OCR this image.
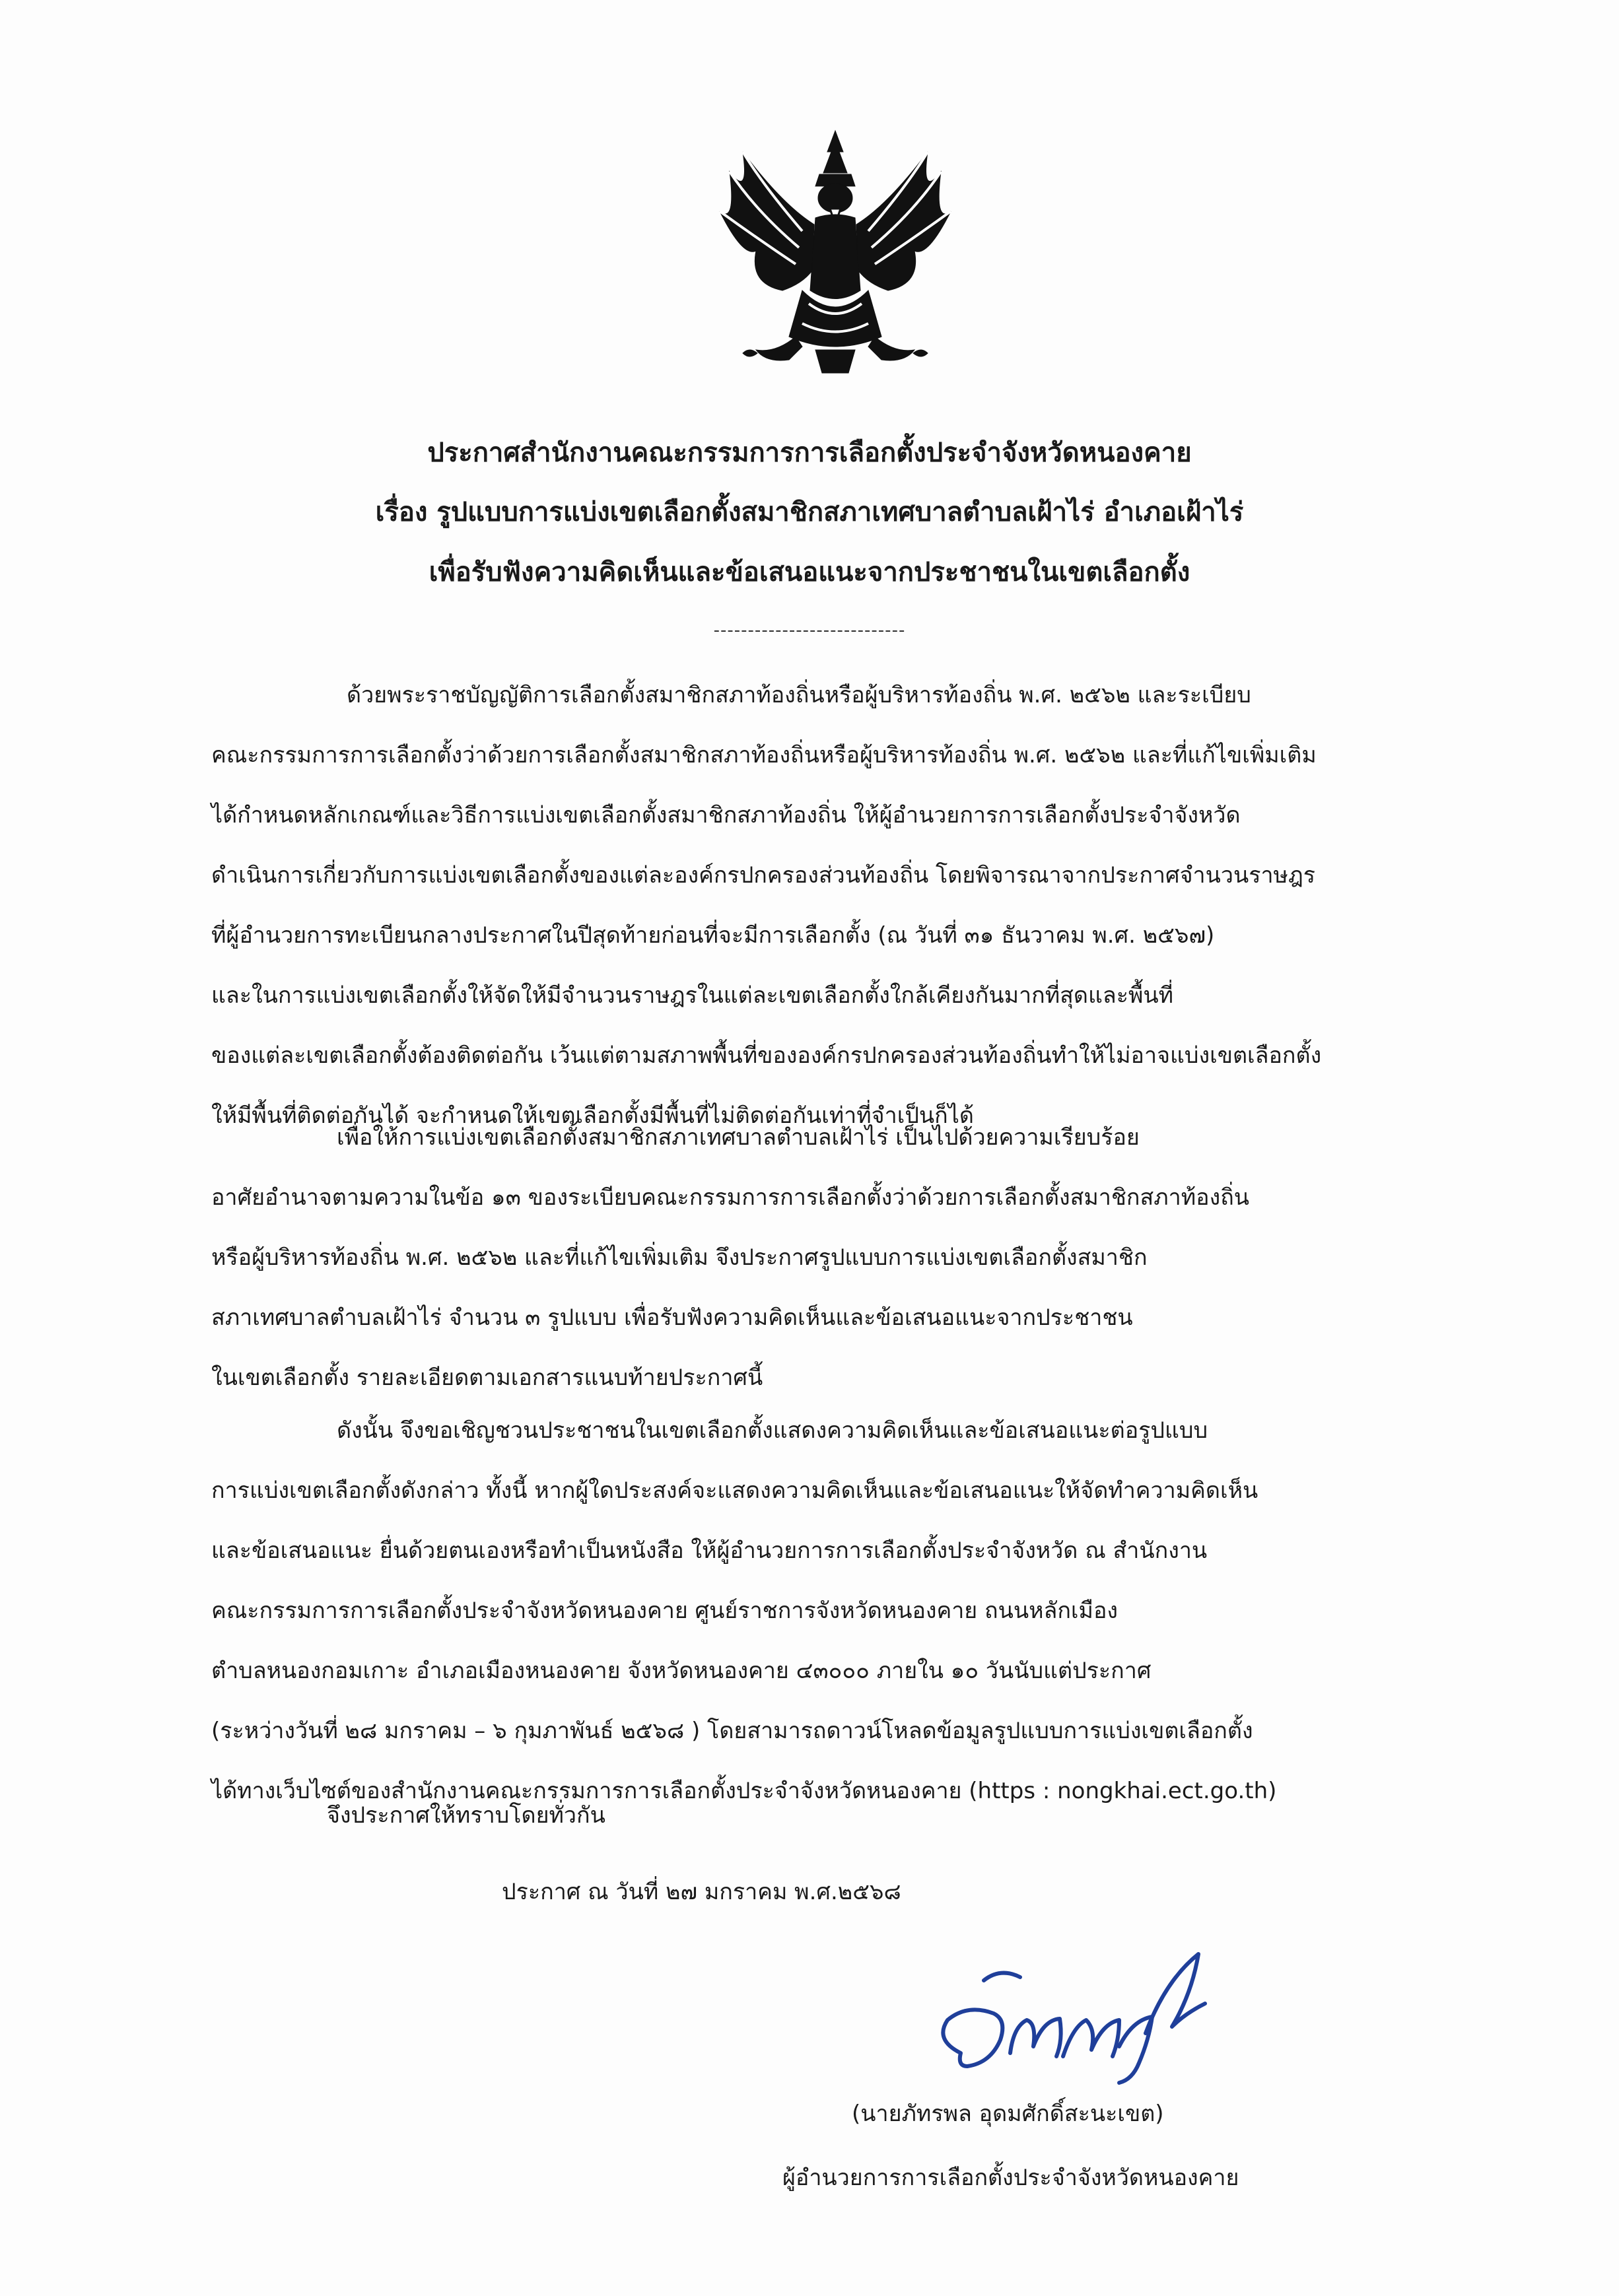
ประกาศสำนักงานคณะกรรมการการเลือกตั้งประจำจังหวัดหนองคาย
เรื่อง รูปแบบการแบ่งเขตเลือกตั้งสมาชิกสภาเทศบาลตำบลเฝ้าไร่ อำเภอเฝ้าไร่
เพื่อรับฟังความคิดเห็นและข้อเสนอแนะจากประชาชนในเขตเลือกตั้ง
----------------------------
ด้วยพระราชบัญญัติการเลือกตั้งสมาชิกสภาท้องถิ่นหรือผู้บริหารท้องถิ่น พ.ศ. ๒๕๖๒ และระเบียบ
คณะกรรมการการเลือกตั้งว่าด้วยการเลือกตั้งสมาชิกสภาท้องถิ่นหรือผู้บริหารท้องถิ่น พ.ศ. ๒๕๖๒ และที่แก้ไขเพิ่มเติม
ได้กำหนดหลักเกณฑ์และวิธีการแบ่งเขตเลือกตั้งสมาชิกสภาท้องถิ่น ให้ผู้อำนวยการการเลือกตั้งประจำจังหวัด
ดำเนินการเกี่ยวกับการแบ่งเขตเลือกตั้งของแต่ละองค์กรปกครองส่วนท้องถิ่น โดยพิจารณาจากประกาศจำนวนราษฎร
ที่ผู้อำนวยการทะเบียนกลางประกาศในปีสุดท้ายก่อนที่จะมีการเลือกตั้ง (ณ วันที่ ๓๑ ธันวาคม พ.ศ. ๒๕๖๗)
และในการแบ่งเขตเลือกตั้งให้จัดให้มีจำนวนราษฎรในแต่ละเขตเลือกตั้งใกล้เคียงกันมากที่สุดและพื้นที่
ของแต่ละเขตเลือกตั้งต้องติดต่อกัน เว้นแต่ตามสภาพพื้นที่ขององค์กรปกครองส่วนท้องถิ่นทำให้ไม่อาจแบ่งเขตเลือกตั้ง
ให้มีพื้นที่ติดต่อกันได้ จะกำหนดให้เขตเลือกตั้งมีพื้นที่ไม่ติดต่อกันเท่าที่จำเป็นก็ได้
เพื่อให้การแบ่งเขตเลือกตั้งสมาชิกสภาเทศบาลตำบลเฝ้าไร่ เป็นไปด้วยความเรียบร้อย
อาศัยอำนาจตามความในข้อ ๑๓ ของระเบียบคณะกรรมการการเลือกตั้งว่าด้วยการเลือกตั้งสมาชิกสภาท้องถิ่น
หรือผู้บริหารท้องถิ่น พ.ศ. ๒๕๖๒ และที่แก้ไขเพิ่มเติม จึงประกาศรูปแบบการแบ่งเขตเลือกตั้งสมาชิก
สภาเทศบาลตำบลเฝ้าไร่ จำนวน ๓ รูปแบบ เพื่อรับฟังความคิดเห็นและข้อเสนอแนะจากประชาชน
ในเขตเลือกตั้ง รายละเอียดตามเอกสารแนบท้ายประกาศนี้
ดังนั้น จึงขอเชิญชวนประชาชนในเขตเลือกตั้งแสดงความคิดเห็นและข้อเสนอแนะต่อรูปแบบ
การแบ่งเขตเลือกตั้งดังกล่าว ทั้งนี้ หากผู้ใดประสงค์จะแสดงความคิดเห็นและข้อเสนอแนะให้จัดทำความคิดเห็น
และข้อเสนอแนะ ยื่นด้วยตนเองหรือทำเป็นหนังสือ ให้ผู้อำนวยการการเลือกตั้งประจำจังหวัด ณ สำนักงาน
คณะกรรมการการเลือกตั้งประจำจังหวัดหนองคาย ศูนย์ราชการจังหวัดหนองคาย ถนนหลักเมือง
ตำบลหนองกอมเกาะ อำเภอเมืองหนองคาย จังหวัดหนองคาย ๔๓๐๐๐ ภายใน ๑๐ วันนับแต่ประกาศ
(ระหว่างวันที่ ๒๘ มกราคม – ๖ กุมภาพันธ์ ๒๕๖๘ ) โดยสามารถดาวน์โหลดข้อมูลรูปแบบการแบ่งเขตเลือกตั้ง
ได้ทางเว็บไซต์ของสำนักงานคณะกรรมการการเลือกตั้งประจำจังหวัดหนองคาย (https : nongkhai.ect.go.th)
จึงประกาศให้ทราบโดยทั่วกัน
ประกาศ ณ วันที่ ๒๗ มกราคม พ.ศ.๒๕๖๘
(นายภัทรพล อุดมศักดิ์สะนะเขต)
ผู้อำนวยการการเลือกตั้งประจำจังหวัดหนองคาย
